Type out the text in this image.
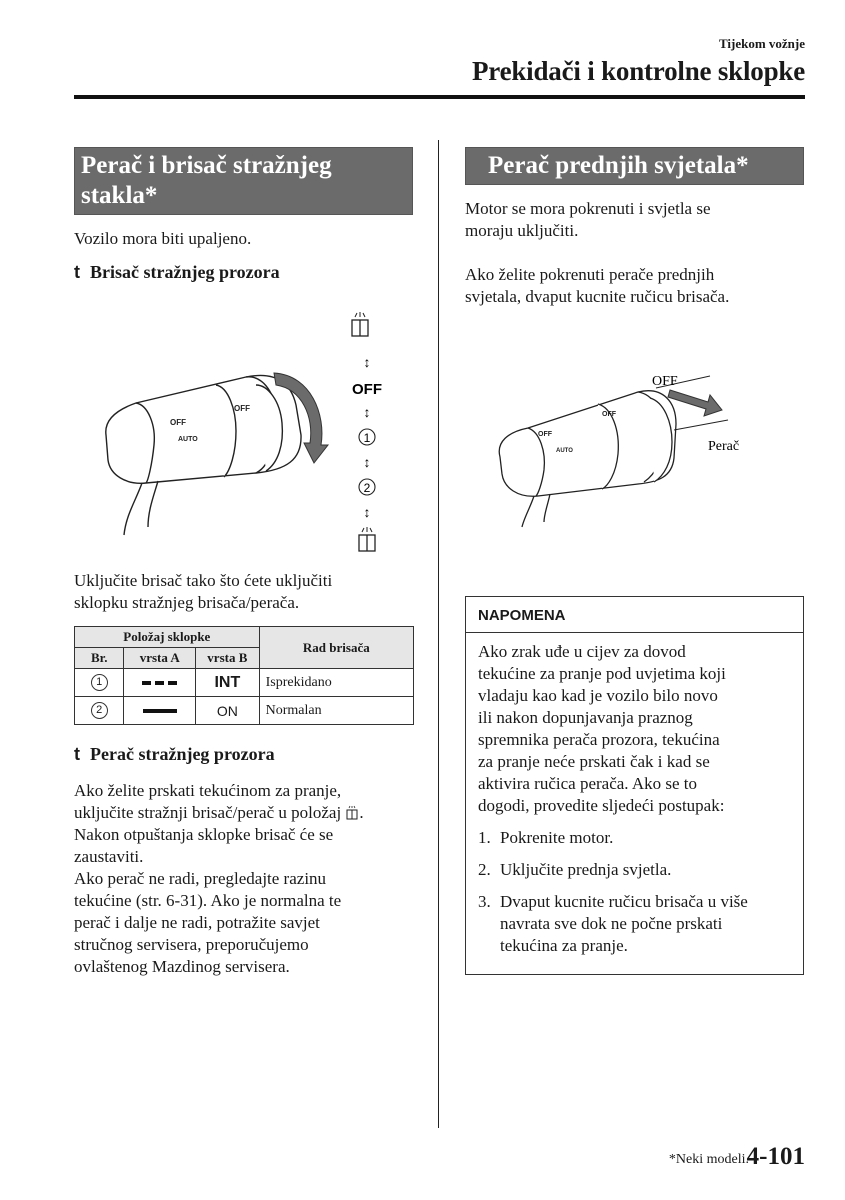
Tijekom vožnje
Prekidači i kontrolne sklopke
Perač i brisač stražnjeg stakla*
Vozilo mora biti upaljeno.
t Brisač stražnjeg prozora
OFF
AUTO
OFF
↕
OFF
↕
1
↕
2
↕
Uključite brisač tako što ćete uključiti
sklopku stražnjeg brisača/perača.
Položaj sklopke			Rad brisača
Br.	vrsta A	vrsta B	
1		INT	Isprekidano
2		ON	Normalan
t Perač stražnjeg prozora
Ako želite prskati tekućinom za pranje,
uključite stražnji brisač/perač u položaj .
Nakon otpuštanja sklopke brisač će se
zaustaviti.
Ako perač ne radi, pregledajte razinu
tekućine (str. 6-31). Ako je normalna te
perač i dalje ne radi, potražite savjet
stručnog servisera, preporučujemo
ovlaštenog Mazdinog servisera.
Perač prednjih svjetala*
Motor se mora pokrenuti i svjetla se
moraju uključiti.
Ako želite pokrenuti perače prednjih
svjetala, dvaput kucnite ručicu brisača.
OFF
Perač
OFF
AUTO
OFF
NAPOMENA

Ako zrak uđe u cijev za dovod
tekućine za pranje pod uvjetima koji
vladaju kao kad je vozilo bilo novo
ili nakon dopunjavanja praznog
spremnika perača prozora, tekućina
za pranje neće prskati čak i kad se
aktivira ručica perača. Ako se to
dogodi, provedite sljedeći postupak:

1. Pokrenite motor.
2. Uključite prednja svjetla.
3. Dvaput kucnite ručicu brisača u više
navrata sve dok ne počne prskati
tekućina za pranje.
*Neki modeli.
4-101
